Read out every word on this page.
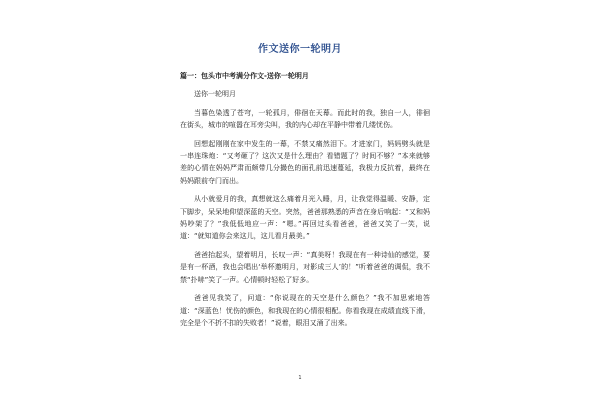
作文送你一轮明月

篇一：包头市中考满分作文-送你一轮明月

送你一轮明月

当暮色染透了苍穹，一轮孤月，俳徊在天幕。而此时的我，独自一人，徘徊在街头，城市的喧嚣在耳旁尖叫，我的内心却在平静中带着几缕忧伤。

回想起刚刚在家中发生的一幕，不禁又痛然泪下。才进家门，妈妈劈头就是一串连珠炮：“又考砸了？这次又是什么理由？看错题了？时间不够？”本来就够差的心情在妈妈严肃而颇带几分撮色的面孔前迅速蔓延，我极力反抗着，最终在妈妈跟前夺门而出。

从小就爱月的我，真想就这么痛着月光入睡，月，让我觉得温暖、安静，定下脚步，呆呆地仰望深蓝的天空。突然，爸爸那熟悉的声音在身后响起：“又和妈妈吵架了？”我低低地应一声：“嗯。”再回过头看爸爸，爸爸又笑了一笑，说道：“就知道你会来这儿，这儿看月最美。”

爸爸抬起头，望着明月，长叹一声：“真美呀！我现在有一种诗仙的感觉，要是有一杯酒，我也会唱出‘举杯邀明月，对影成三人’的！”听着爸爸的调侃，我不禁“扑哧”笑了一声。心情顿时轻松了好多。

爸爸见我笑了，问道：“你说现在的天空是什么颜色？”我不加思索地答道：“深蓝色！忧伤的颜色，和我现在的心情很相配。你看我现在成绩直线下滑，完全是个不折不扣的失败者！”说着，眼泪又涌了出来。

1
